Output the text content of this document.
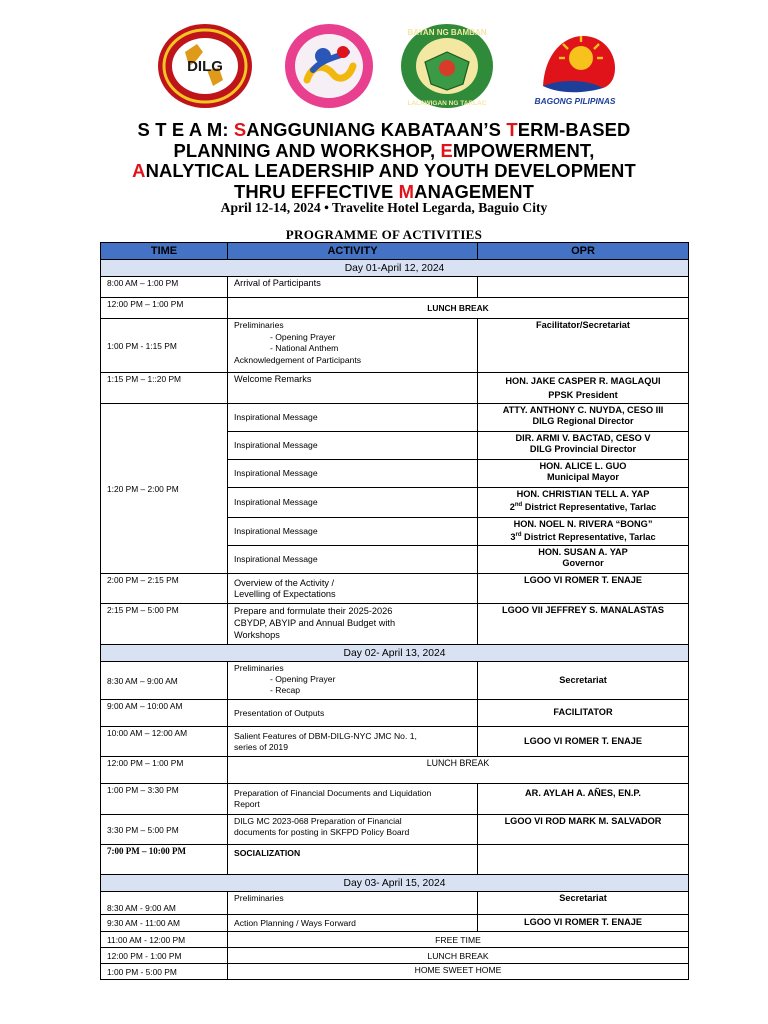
DILG
BAYAN NG BAMBAN
LALAWIGAN NG TARLAC	BAGONG PILIPINAS
S T E A M: SANGGUNIANG KABATAAN’S TERM-BASED
PLANNING AND WORKSHOP, EMPOWERMENT,
ANALYTICAL LEADERSHIP AND YOUTH DEVELOPMENT
THRU EFFECTIVE MANAGEMENT
April 12-14, 2024 • Travelite Hotel Legarda, Baguio City
PROGRAMME OF ACTIVITIES
TIME	ACTIVITY	OPR
Day 01-April 12, 2024		
8:00 AM – 1:00 PM	Arrival of Participants	
12:00 PM – 1:00 PM	LUNCH BREAK	
1:00 PM - 1:15 PM	Preliminaries
- Opening Prayer
- National Anthem
Acknowledgement of Participants	Facilitator/Secretariat
1:15 PM – 1::20 PM	Welcome Remarks	HON. JAKE CASPER R. MAGLAQUI
PPSK President

1:20 PM – 2:00 PM	Inspirational Message	ATTY. ANTHONY C. NUYDA, CESO III
DILG Regional Director

	Inspirational Message	DIR. ARMI V. BACTAD, CESO V
DILG Provincial Director

	Inspirational Message	HON. ALICE L. GUO
Municipal Mayor

	Inspirational Message	HON. CHRISTIAN TELL A. YAP
2nd District Representative, Tarlac

	Inspirational Message	HON. NOEL N. RIVERA “BONG”
3rd District Representative, Tarlac

	Inspirational Message	HON. SUSAN A. YAP
Governor

2:00 PM – 2:15 PM	Overview of the Activity /
Levelling of Expectations	LGOO VI ROMER T. ENAJE
2:15 PM – 5:00 PM	Prepare and formulate their 2025-2026
CBYDP, ABYIP and Annual Budget with
Workshops	LGOO VII JEFFREY S. MANALASTAS
Day 02- April 13, 2024		
8:30 AM – 9:00 AM	Preliminaries
- Opening Prayer
- Recap	Secretariat
9:00 AM – 10:00 AM	Presentation of Outputs	FACILITATOR
10:00 AM – 12:00 AM	Salient Features of DBM-DILG-NYC JMC No. 1,
series of 2019	LGOO VI ROMER T. ENAJE
12:00 PM – 1:00 PM	LUNCH BREAK	
1:00 PM – 3:30 PM	Preparation of Financial Documents and Liquidation
Report	AR. AYLAH A. AÑES, EN.P.
3:30 PM – 5:00 PM	DILG MC 2023-068 Preparation of Financial
documents for posting in SKFPD Policy Board	LGOO VI ROD MARK M. SALVADOR
7:00 PM – 10:00 PM	SOCIALIZATION	
Day 03- April 15, 2024		
8:30 AM - 9:00 AM	Preliminaries	Secretariat
9:30 AM - 11:00 AM	Action Planning / Ways Forward	LGOO VI ROMER T. ENAJE
11:00 AM - 12:00 PM	FREE TIME	
12:00 PM - 1:00 PM	LUNCH BREAK	
1:00 PM - 5:00 PM	HOME SWEET HOME	
